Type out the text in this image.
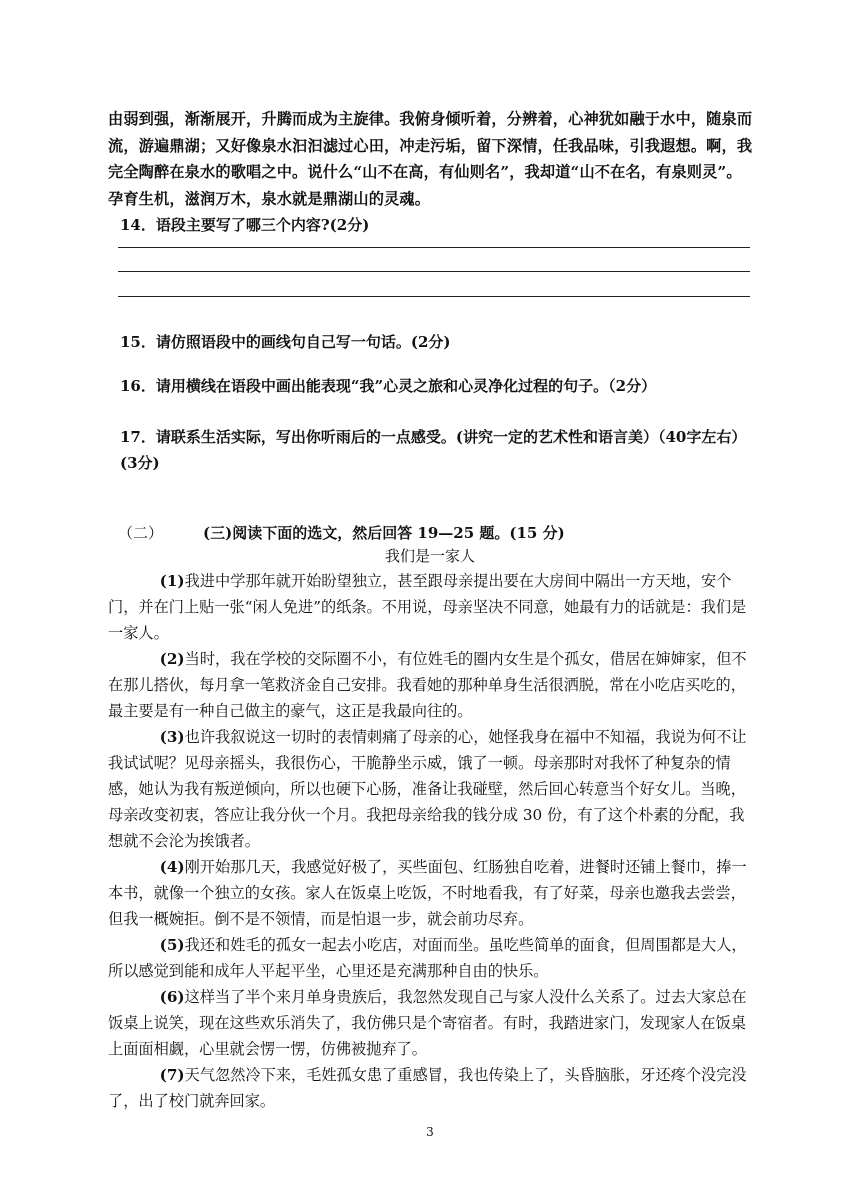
由弱到强，渐渐展开，升腾而成为主旋律。我俯身倾听着，分辨着，心神犹如融于水中，随泉而流，游遍鼎湖；又好像泉水汩汩滤过心田，冲走污垢，留下深情，任我品味，引我遐想。啊，我完全陶醉在泉水的歌唱之中。说什么“山不在高，有仙则名”，我却道“山不在名，有泉则灵”。孕育生机，滋润万木，泉水就是鼎湖山的灵魂。
14．语段主要写了哪三个内容?(2分)
15．请仿照语段中的画线句自己写一句话。(2分)
16．请用横线在语段中画出能表现“我”心灵之旅和心灵净化过程的句子。（2分）
17．请联系生活实际，写出你听雨后的一点感受。(讲究一定的艺术性和语言美）（40字左右）(3分)
（二）	(三)阅读下面的选文，然后回答 19—25 题。(15 分)
我们是一家人

(1)我进中学那年就开始盼望独立，甚至跟母亲提出要在大房间中隔出一方天地，安个门，并在门上贴一张“闲人免进”的纸条。不用说，母亲坚决不同意，她最有力的话就是：我们是一家人。

(2)当时，我在学校的交际圈不小，有位姓毛的圈内女生是个孤女，借居在婶婶家，但不在那儿搭伙，每月拿一笔救济金自己安排。我看她的那种单身生活很洒脱，常在小吃店买吃的，最主要是有一种自己做主的豪气，这正是我最向往的。

(3)也许我叙说这一切时的表情刺痛了母亲的心，她怪我身在福中不知福，我说为何不让我试试呢？见母亲摇头，我很伤心，干脆静坐示威，饿了一顿。母亲那时对我怀了种复杂的情感，她认为我有叛逆倾向，所以也硬下心肠，准备让我碰壁，然后回心转意当个好女儿。当晚，母亲改变初衷，答应让我分伙一个月。我把母亲给我的钱分成 30 份，有了这个朴素的分配，我想就不会沦为挨饿者。

(4)刚开始那几天，我感觉好极了，买些面包、红肠独自吃着，进餐时还铺上餐巾，捧一本书，就像一个独立的女孩。家人在饭桌上吃饭，不时地看我，有了好菜，母亲也邀我去尝尝，但我一概婉拒。倒不是不领情，而是怕退一步，就会前功尽弃。

(5)我还和姓毛的孤女一起去小吃店，对面而坐。虽吃些简单的面食，但周围都是大人，所以感觉到能和成年人平起平坐，心里还是充满那种自由的快乐。

(6)这样当了半个来月单身贵族后，我忽然发现自己与家人没什么关系了。过去大家总在饭桌上说笑，现在这些欢乐消失了，我仿佛只是个寄宿者。有时，我踏进家门，发现家人在饭桌上面面相觑，心里就会愣一愣，仿佛被抛弃了。

(7)天气忽然冷下来，毛姓孤女患了重感冒，我也传染上了，头昏脑胀，牙还疼个没完没了，出了校门就奔回家。

3
